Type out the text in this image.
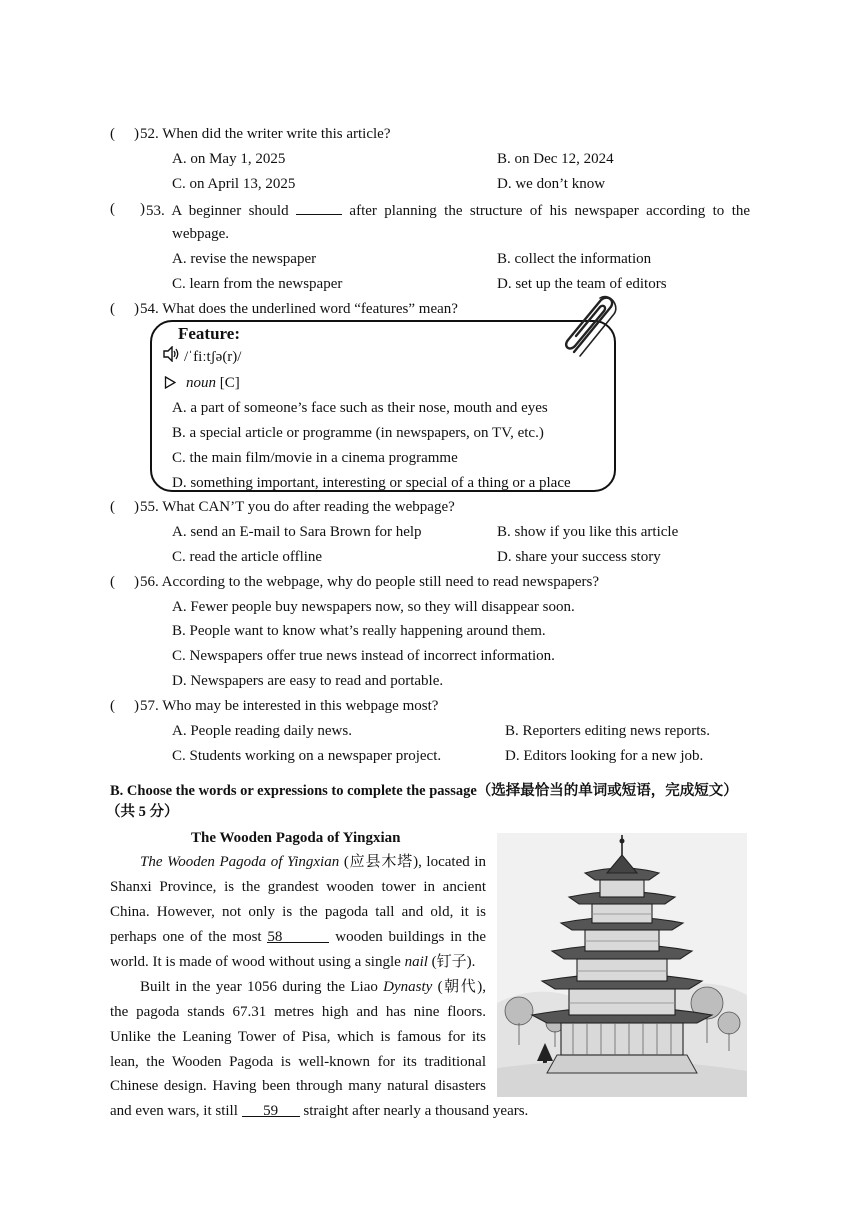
( ) 52. When did the writer write this article?
A. on May 1, 2025	B. on Dec 12, 2024
C. on April 13, 2025	D. we don’t know
( ) 53. A beginner should	after planning the structure of his newspaper according to the
webpage.
A. revise the newspaper	B. collect the information
C. learn from the newspaper	D. set up the team of editors
( ) 54. What does the underlined word “features” mean?
Feature:
/ˈfiːtʃə(r)/
noun [C]
A. a part of someone’s face such as their nose, mouth and eyes
B. a special article or programme (in newspapers, on TV, etc.)
C. the main film/movie in a cinema programme
D. something important, interesting or special of a thing or a place
( ) 55. What CAN’T you do after reading the webpage?
A. send an E-mail to Sara Brown for help	B. show if you like this article
C. read the article offline	D. share your success story
( ) 56. According to the webpage, why do people still need to read newspapers?
A. Fewer people buy newspapers now, so they will disappear soon.
B. People want to know what’s really happening around them.
C. Newspapers offer true news instead of incorrect information.
D. Newspapers are easy to read and portable.
( ) 57. Who may be interested in this webpage most?
A. People reading daily news.	B. Reporters editing news reports.
C. Students working on a newspaper project.	D. Editors looking for a new job.
B. Choose the words or expressions to complete the passage（选择最恰当的单词或短语，完成短文）
（共 5 分）
The Wooden Pagoda of Yingxian
The Wooden Pagoda of Yingxian (应县木塔), located in
Shanxi Province, is the grandest wooden tower in ancient
China. However, not only is the pagoda tall and old, it is
perhaps one of the most 58	wooden buildings in the
world. It is made of wood without using a single nail (钉子).
Built in the year 1056 during the Liao Dynasty (朝代),
the pagoda stands 67.31 metres high and has nine floors.
Unlike the Leaning Tower of Pisa, which is famous for its
lean, the Wooden Pagoda is well-known for its traditional
Chinese design. Having been through many natural disasters
and even wars, it still 59 straight after nearly a thousand years.
